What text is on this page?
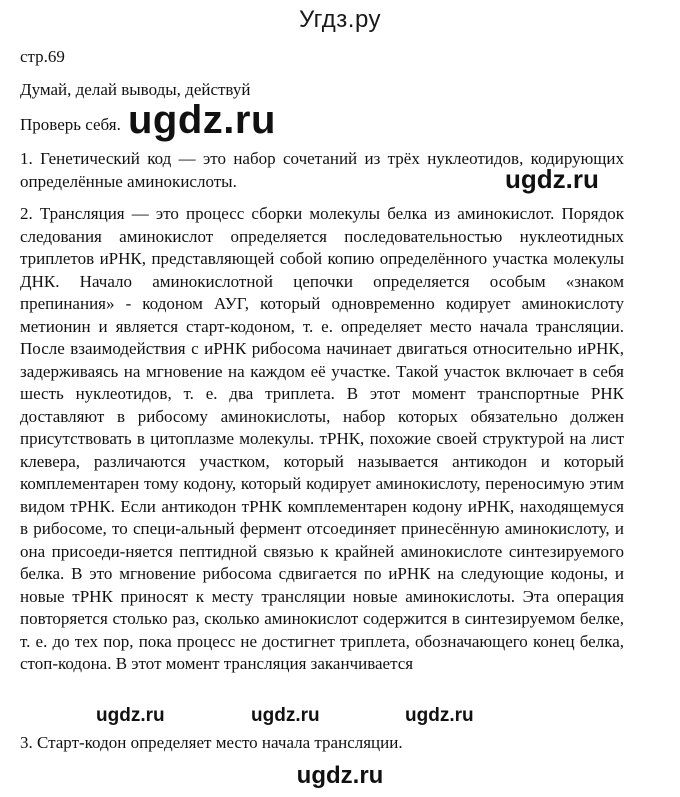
Угдз.ру
стр.69
Думай, делай выводы, действуй
Проверь себя. ugdz.ru

1. Генетический код — это набор сочетаний из трёх нуклеотидов, кодирующих определённые аминокислоты.	ugdz.ru

2. Трансляция — это процесс сборки молекулы белка из аминокислот. Порядок следования аминокислот определяется последовательностью нуклеотидных триплетов иРНК, представляющей собой копию определённого участка молекулы ДНК. Начало аминокислотной цепочки определяется особым «знаком препинания» - кодоном АУГ, который одновременно кодирует аминокислоту метионин и является старт-кодоном, т. е. определяет место начала трансляции. После взаимодействия с иРНК рибосома начинает двигаться относительно иРНК, задерживаясь на мгновение на каждом её участке. Такой участок включает в себя шесть нуклеотидов, т. е. два триплета. В этот момент транспортные РНК доставляют в рибосому аминокислоты, набор которых обязательно должен присутствовать в цитоплазме молекулы. тРНК, похожие своей структурой на лист клевера, различаются участком, который называется антикодон и который комплементарен тому кодону, который кодирует аминокислоту, переносимую этим видом тРНК. Если антикодон тРНК комплементарен кодону иРНК, находящемуся в рибосоме, то специ-альный фермент отсоединяет принесённую аминокислоту, и она присоеди-няется пептидной связью к крайней аминокислоте синтезируемого белка. В это мгновение рибосома сдвигается по иРНК на следующие кодоны, и новые тРНК приносят к месту трансляции новые аминокислоты. Эта операция повторяется столько раз, сколько аминокислот содержится в синтезируемом белке, т. е. до тех пор, пока процесс не достигнет триплета, обозначающего конец белка, стоп-кодона. В этот момент трансляция заканчивается

ugdz.ru	ugdz.ru	ugdz.ru

3. Старт-кодон определяет место начала трансляции.

ugdz.ru
